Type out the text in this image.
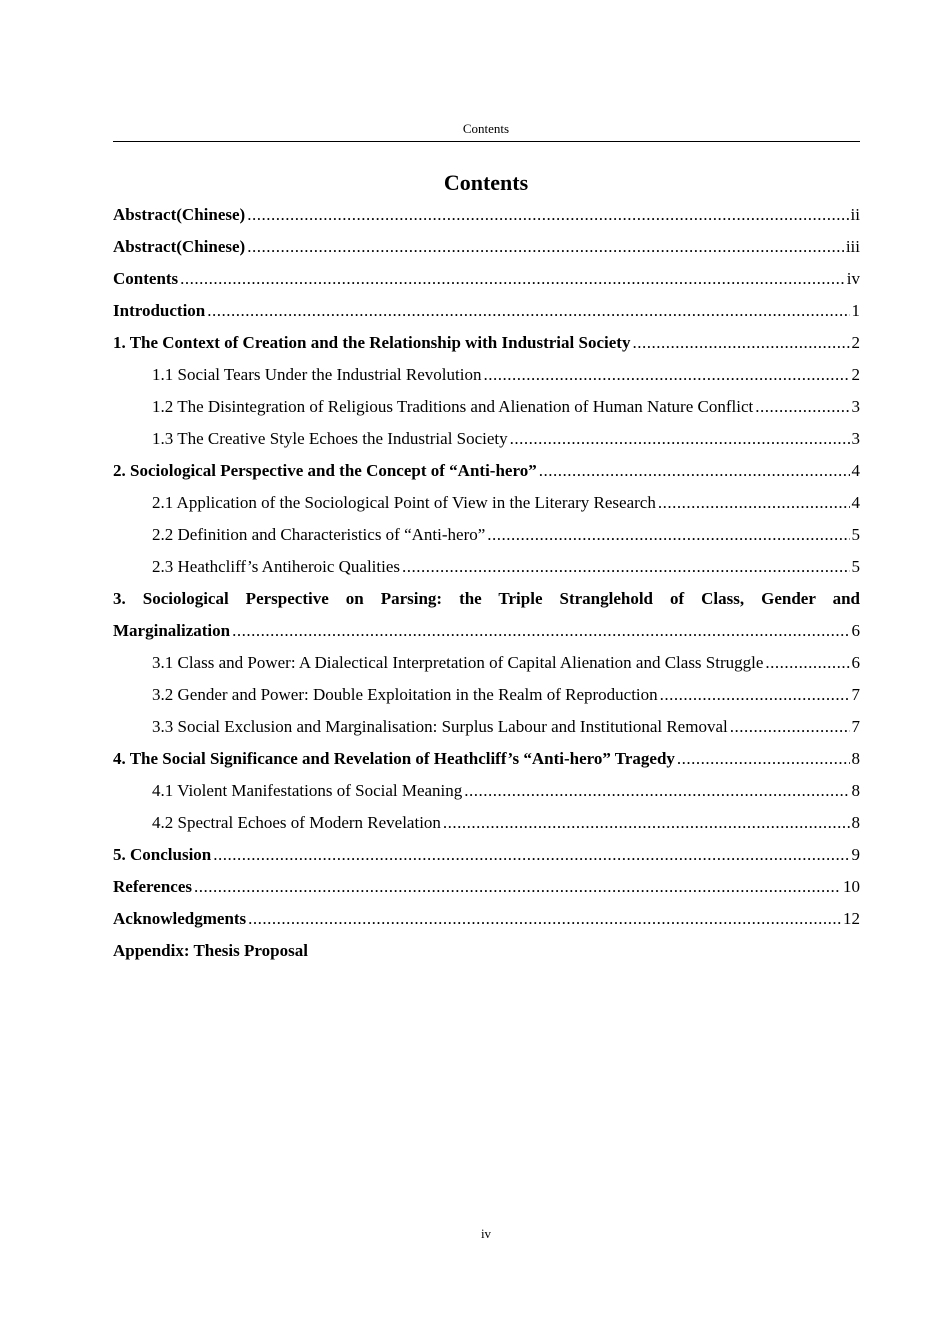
Contents
Contents
Abstract(Chinese) .....	ii
Abstract(Chinese) .....	iii
Contents .....	iv
Introduction .....	1
1. The Context of Creation and the Relationship with Industrial Society .....	2
1.1 Social Tears Under the Industrial Revolution .....	2
1.2 The Disintegration of Religious Traditions and Alienation of Human Nature Conflict .....	3
1.3 The Creative Style Echoes the Industrial Society .....	3
2. Sociological Perspective and the Concept of “Anti-hero” .....	4
2.1 Application of the Sociological Point of View in the Literary Research .....	4
2.2 Definition and Characteristics of “Anti-hero” .....	5
2.3 Heathcliff’s Antiheroic Qualities .....	5
3. Sociological Perspective on Parsing: the Triple Stranglehold of Class, Gender and
Marginalization .....	6
3.1 Class and Power: A Dialectical Interpretation of Capital Alienation and Class Struggle .....	6
3.2 Gender and Power: Double Exploitation in the Realm of Reproduction .....	7
3.3 Social Exclusion and Marginalisation: Surplus Labour and Institutional Removal .....	7
4. The Social Significance and Revelation of Heathcliff’s “Anti-hero” Tragedy .....	8
4.1 Violent Manifestations of Social Meaning .....	8
4.2 Spectral Echoes of Modern Revelation .....	8
5. Conclusion .....	9
References .....	10
Acknowledgments .....	12
Appendix: Thesis Proposal
iv
